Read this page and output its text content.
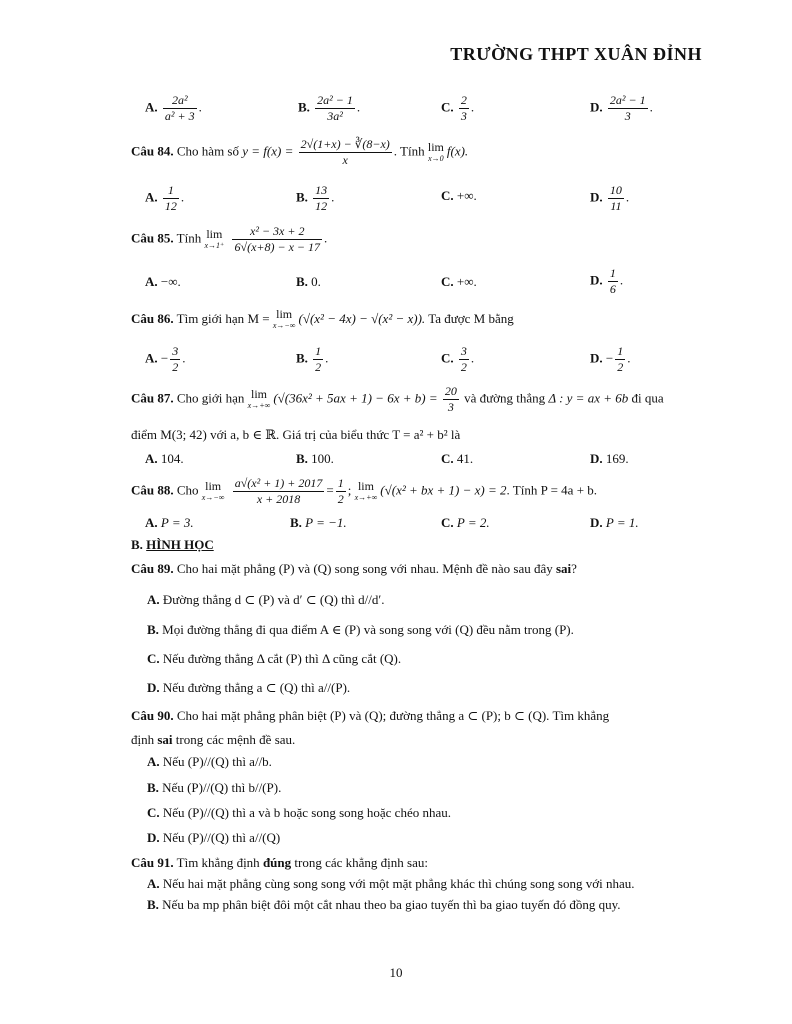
TRƯỜNG THPT XUÂN ĐỈNH
A. $\frac{\text{2a²}}{\text{a² + 3}}$ .	B. $\frac{\text{2a² − 1}}{\text{3a²}}$ .	C. $\frac{2}{3}$ .	D. $\frac{\text{2a² − 1}}{3}$ .
Câu 84. Cho hàm số $y = f(x) = \frac{2√(1+x) - ∛(8-x)}{x}$ . Tính lim
x→0 f(x).
A. $\frac{1}{12}$ .	B. $\frac{13}{12}$ .	C. +∞.	D. $\frac{10}{11}$ .
Câu 85. Tính lim
x→1⁺
$\frac{\text{x² − 3x + 2}}{6√(x+8) - x - 17}$ .
A. −∞.	B. 0.	C. +∞.	D. $\frac{1}{6}$ .
Câu 86. Tìm giới hạn M = lim
x→−∞ (√(x² − 4x) − √(x² − x)). Ta được M bằng
A. − $\frac{3}{2}$ .	B. $\frac{1}{2}$ .	C. $\frac{3}{2}$ .	D. − $\frac{1}{2}$ .
Câu 87. Cho giới hạn lim
x→+∞ $(√(36x^2 + 5ax + 1) - 6x + b) = \frac{20}{3}$ và đường thẳng Δ : y = ax + 6b đi qua
điểm M(3; 42) với a, b ∈ ℝ. Giá trị của biểu thức T = a² + b² là
A. 104.	B. 100.	C. 41.	D. 169.
Câu 88. Cho lim
x→−∞
$\frac{\text{a√(x² + 1) + 2017}}{x + 2018} = \frac{1}{2}$ ; lim
x→+∞ (√(x² + bx + 1) − x) = 2. Tính P = 4a + b.
A. P = 3.	B. P = −1.	C. P = 2.	D. P = 1.
B. HÌNH HỌC
Câu 89. Cho hai mặt phẳng (P) và (Q) song song với nhau. Mệnh đề nào sau đây sai?
A. Đường thẳng d ⊂ (P) và d′ ⊂ (Q) thì d//d′.
B. Mọi đường thẳng đi qua điểm A ∈ (P) và song song với (Q) đều nằm trong (P).
C. Nếu đường thẳng Δ cắt (P) thì Δ cũng cắt (Q).
D. Nếu đường thẳng a ⊂ (Q) thì a//(P).
Câu 90. Cho hai mặt phẳng phân biệt (P) và (Q); đường thẳng a ⊂ (P); b ⊂ (Q). Tìm khẳng
định sai trong các mệnh đề sau.
A. Nếu (P)//(Q) thì a//b.
B. Nếu (P)//(Q) thì b//(P).
C. Nếu (P)//(Q) thì a và b hoặc song song hoặc chéo nhau.
D. Nếu (P)//(Q) thì a//(Q)
Câu 91. Tìm khẳng định đúng trong các khẳng định sau:
A. Nếu hai mặt phẳng cùng song song với một mặt phẳng khác thì chúng song song với nhau.
B. Nếu ba mp phân biệt đôi một cắt nhau theo ba giao tuyến thì ba giao tuyến đó đồng quy.
10
